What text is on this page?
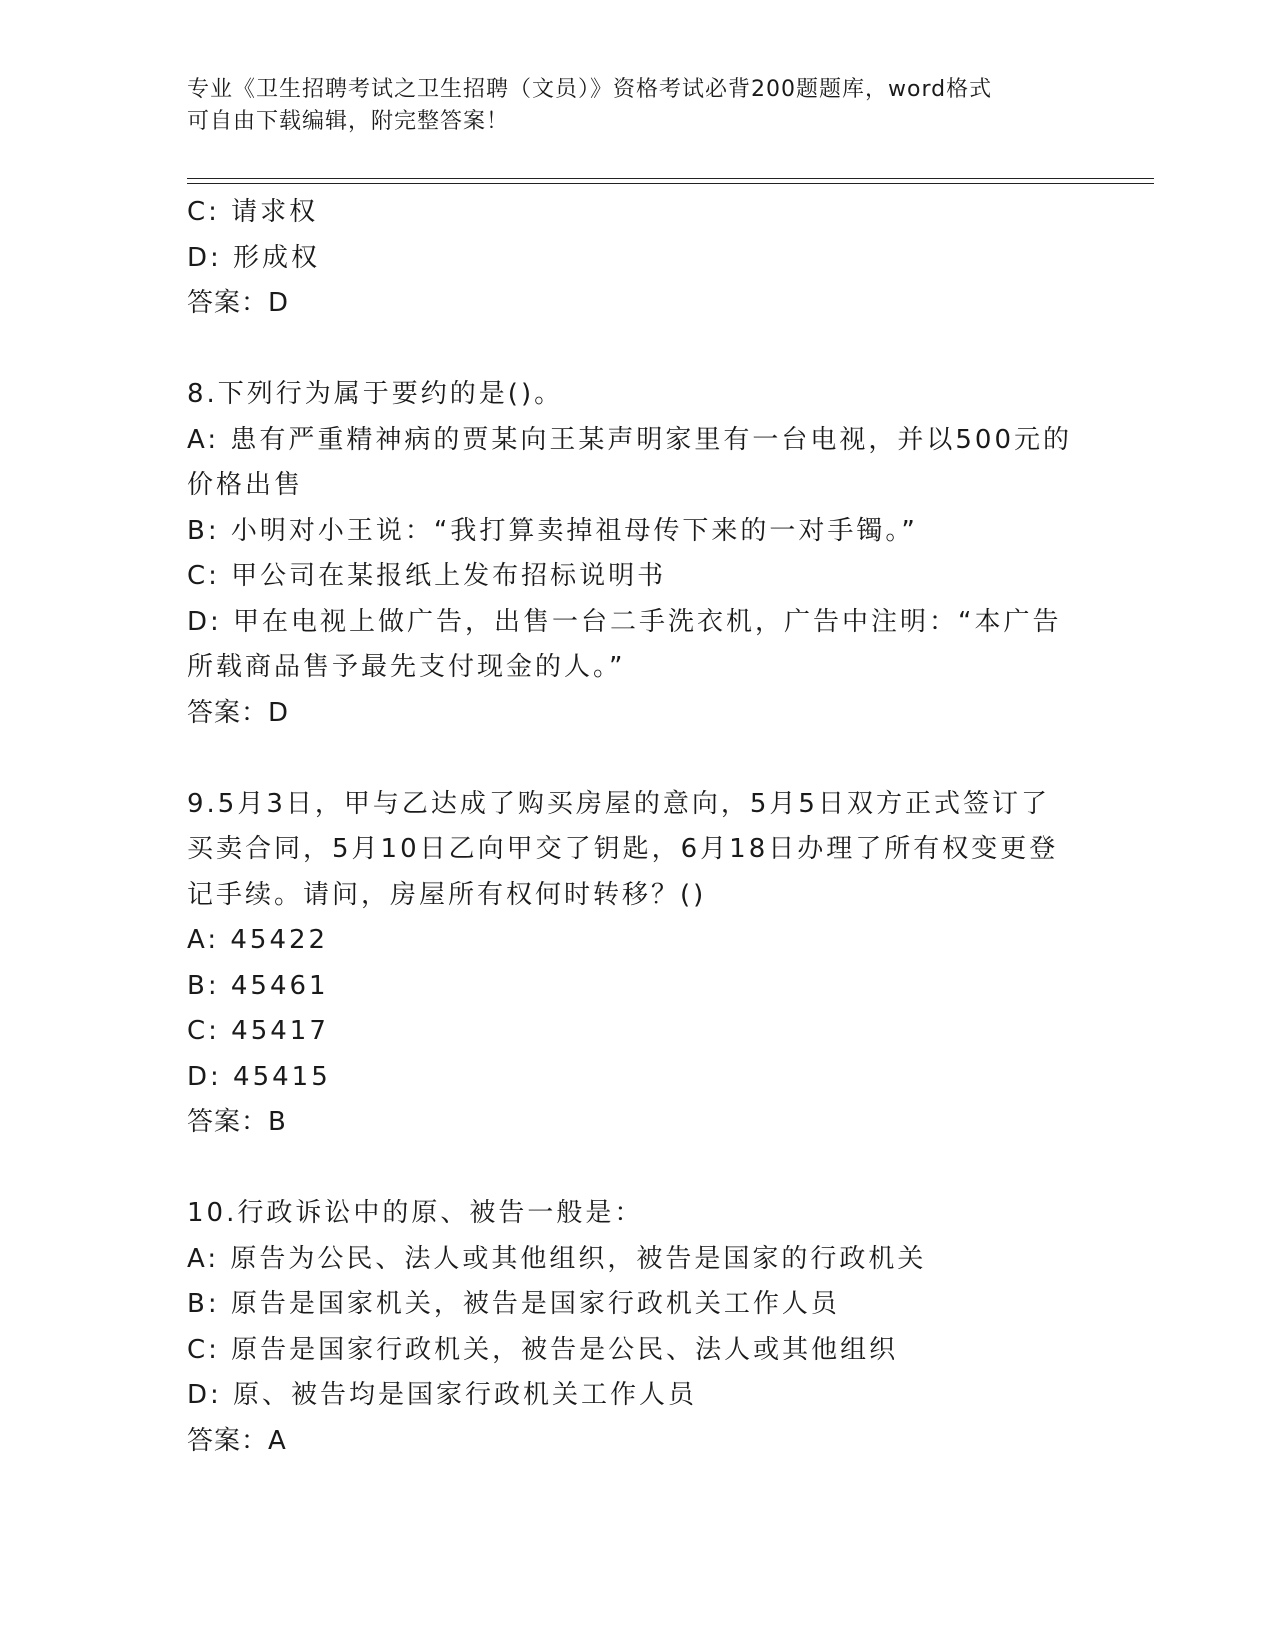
专业《卫生招聘考试之卫生招聘（文员）》资格考试必背200题题库，word格式
可自由下载编辑，附完整答案！
C: 请求权
D: 形成权
答案：D
8.下列行为属于要约的是()。
A: 患有严重精神病的贾某向王某声明家里有一台电视，并以500元的
价格出售
B: 小明对小王说：“我打算卖掉祖母传下来的一对手镯。”
C: 甲公司在某报纸上发布招标说明书
D: 甲在电视上做广告，出售一台二手洗衣机，广告中注明：“本广告
所载商品售予最先支付现金的人。”
答案：D
9.5月3日，甲与乙达成了购买房屋的意向，5月5日双方正式签订了
买卖合同，5月10日乙向甲交了钥匙，6月18日办理了所有权变更登
记手续。请问，房屋所有权何时转移？()
A: 45422
B: 45461
C: 45417
D: 45415
答案：B
10.行政诉讼中的原、被告一般是：
A: 原告为公民、法人或其他组织，被告是国家的行政机关
B: 原告是国家机关，被告是国家行政机关工作人员
C: 原告是国家行政机关，被告是公民、法人或其他组织
D: 原、被告均是国家行政机关工作人员
答案：A
